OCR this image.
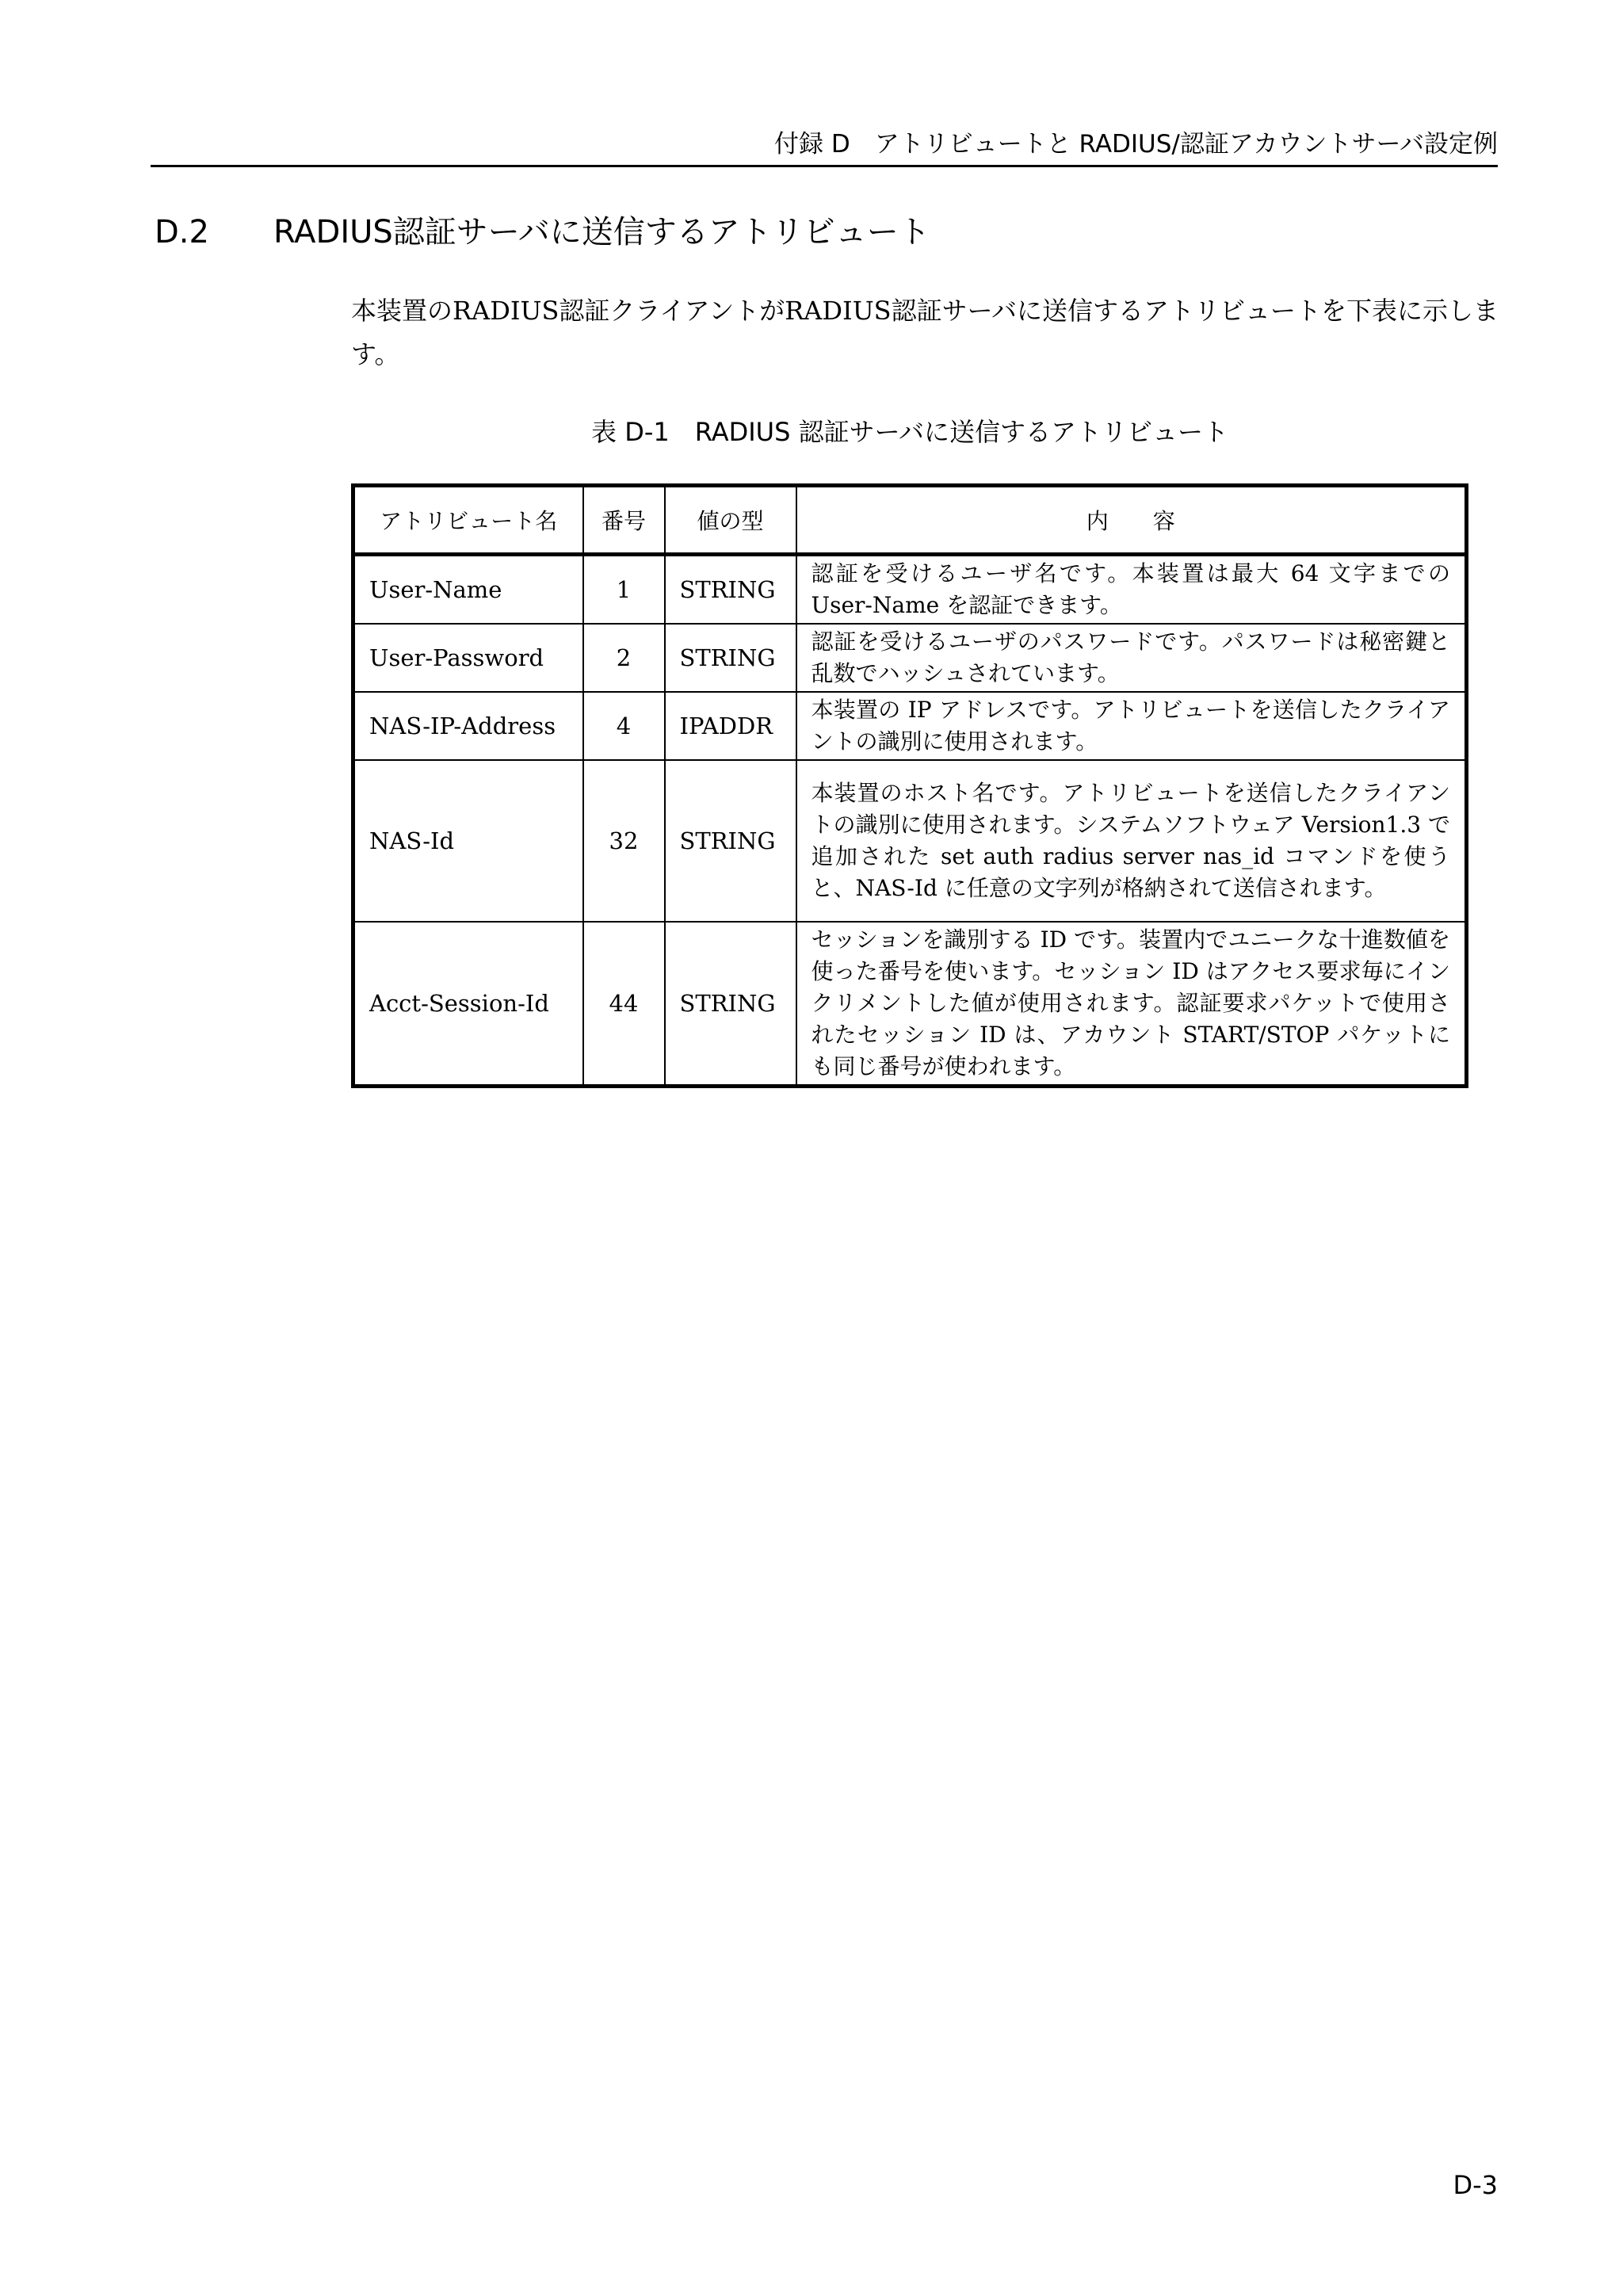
付録 D　アトリビュートと RADIUS/認証アカウントサーバ設定例
D.2 RADIUS認証サーバに送信するアトリビュート
本装置のRADIUS認証クライアントがRADIUS認証サーバに送信するアトリビュートを下表に示します。
表 D-1　RADIUS 認証サーバに送信するアトリビュート
アトリビュート名	番号	値の型	内　　容
User-Name	1	STRING	認証を受けるユーザ名です。本装置は最大 64 文字までの User-Name を認証できます。
User-Password	2	STRING	認証を受けるユーザのパスワードです。パスワードは秘密鍵と乱数でハッシュされています。
NAS-IP-Address	4	IPADDR	本装置の IP アドレスです。アトリビュートを送信したクライアントの識別に使用されます。
NAS-Id	32	STRING	本装置のホスト名です。アトリビュートを送信したクライアントの識別に使用されます。システムソフトウェア Version1.3 で追加された set auth radius server nas_id コマンドを使うと、NAS-Id に任意の文字列が格納されて送信されます。
Acct-Session-Id	44	STRING	セッションを識別する ID です。装置内でユニークな十進数値を使った番号を使います。セッション ID はアクセス要求毎にインクリメントした値が使用されます。認証要求パケットで使用されたセッション ID は、アカウント START/STOP パケットにも同じ番号が使われます。
D-3
